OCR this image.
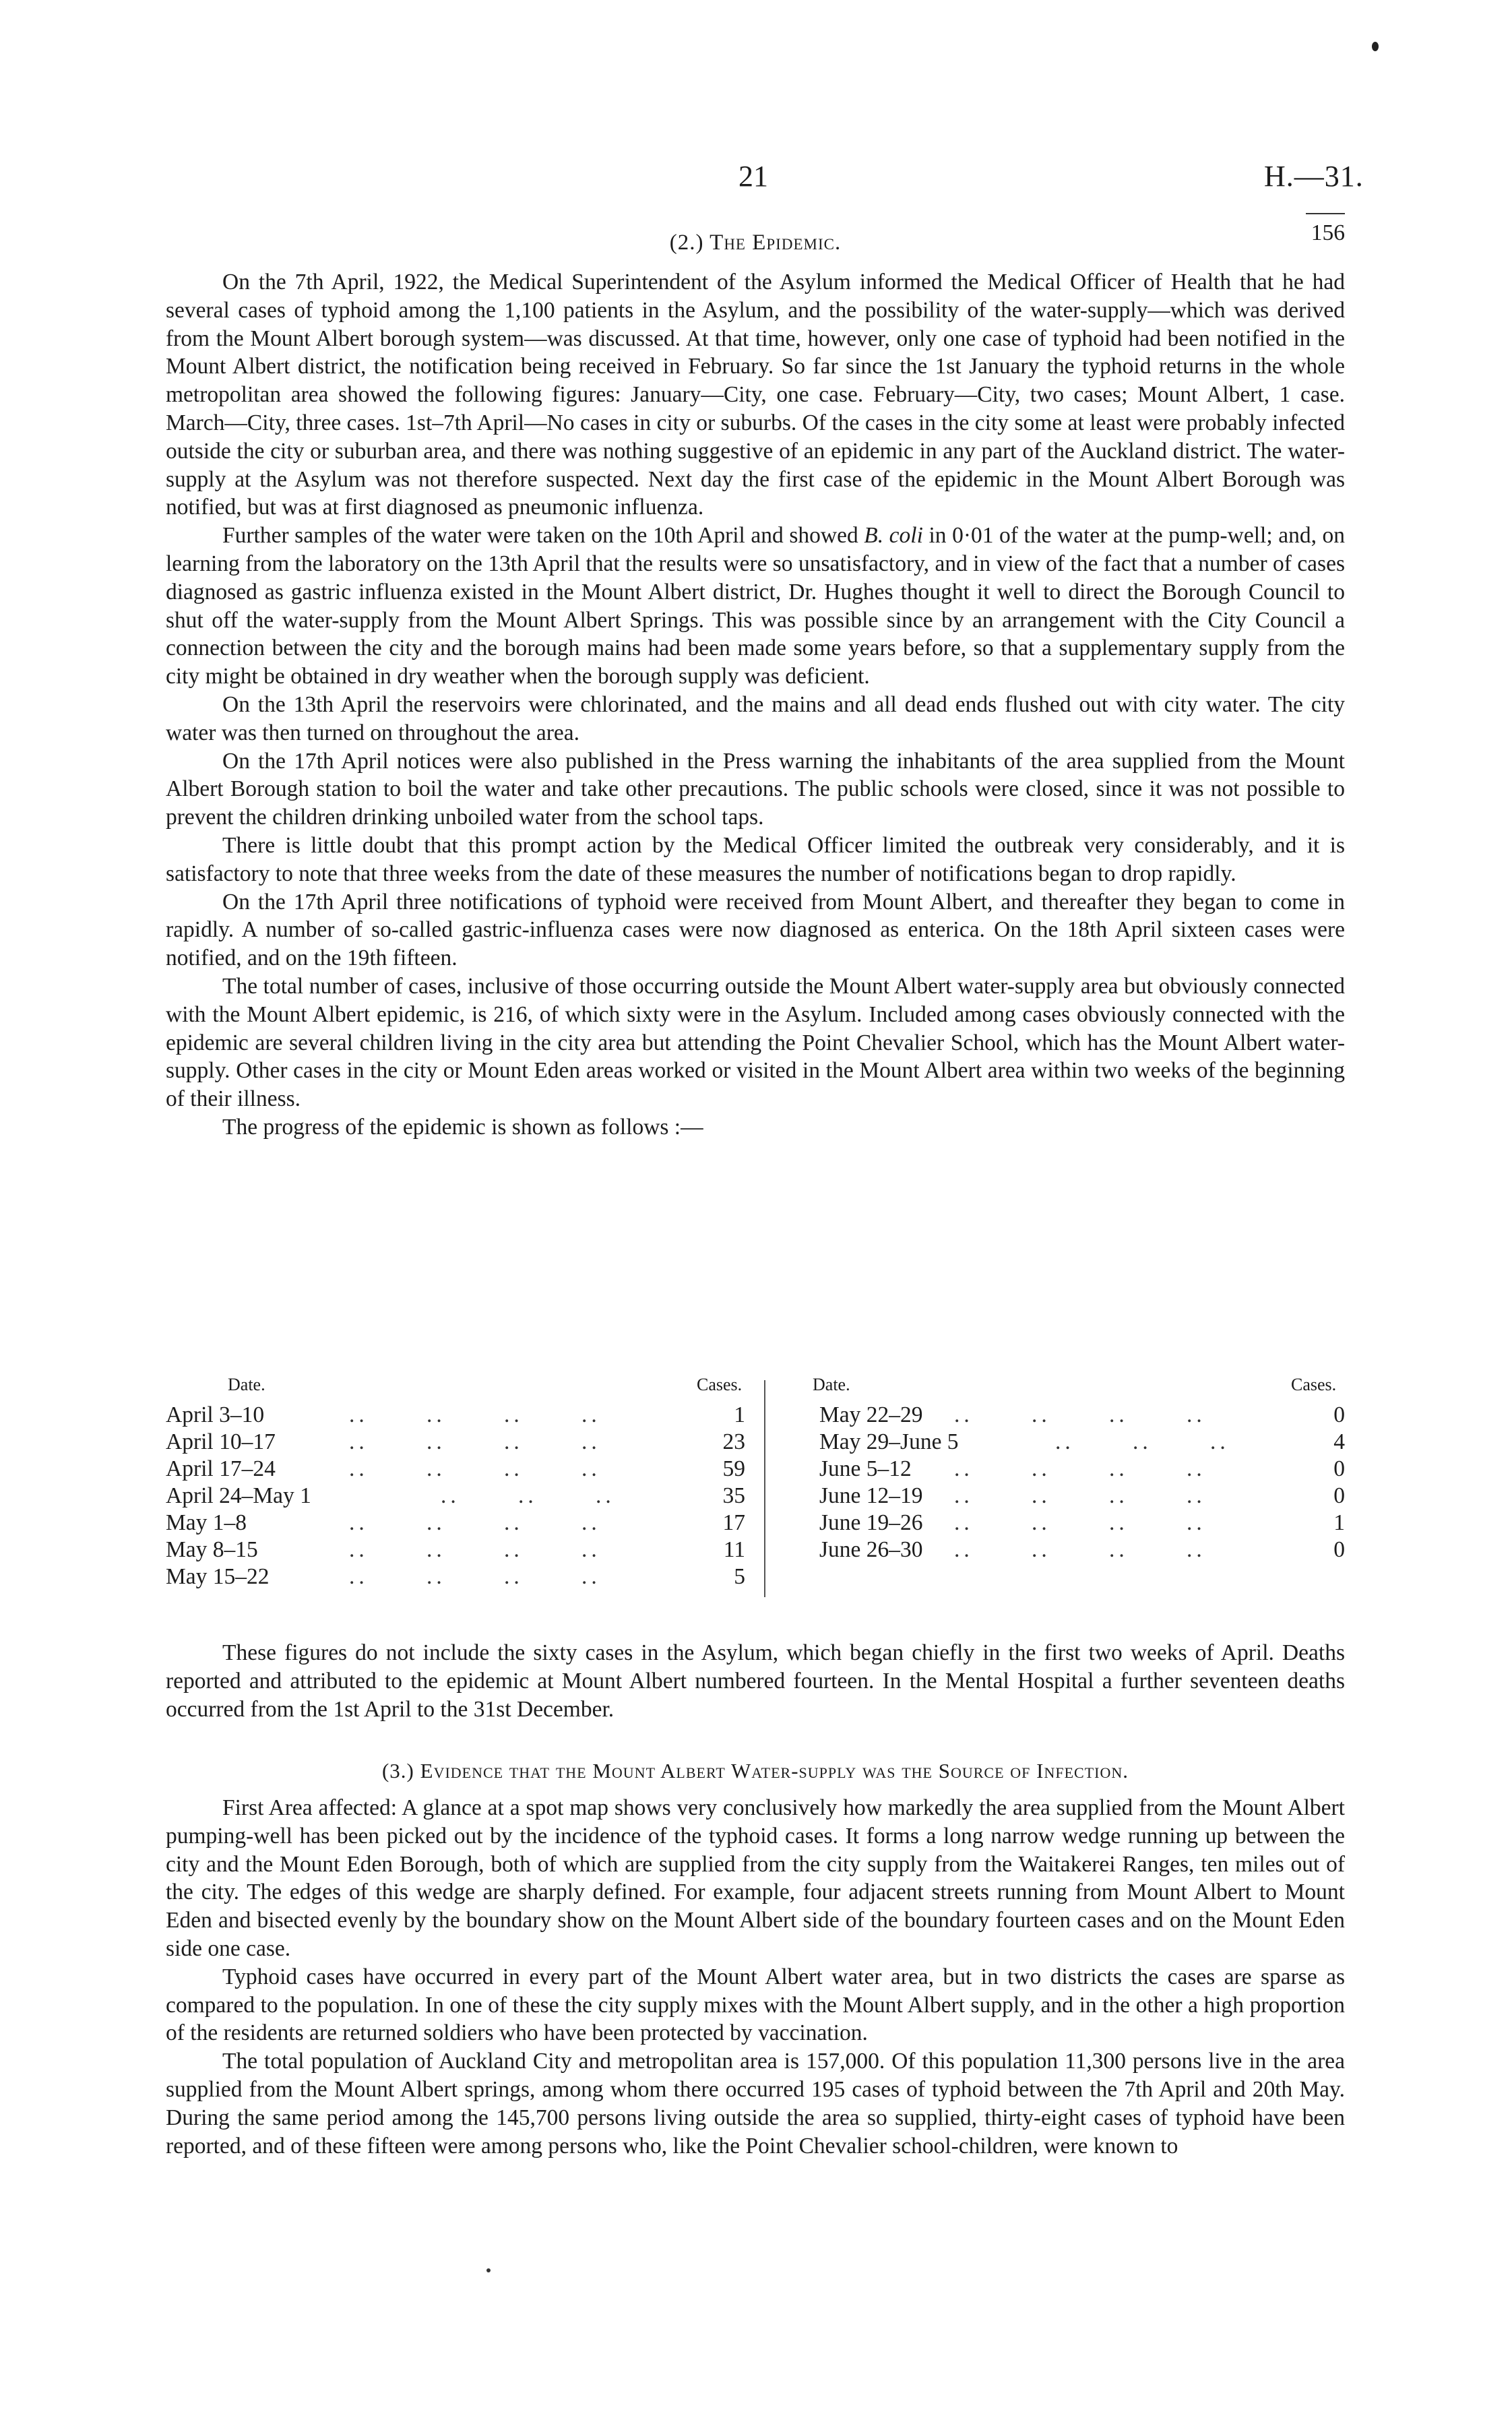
21	H.—31.
(2.) The Epidemic.

On the 7th April, 1922, the Medical Superintendent of the Asylum informed the Medical Officer of Health that he had several cases of typhoid among the 1,100 patients in the Asylum, and the possibility of the water-supply—which was derived from the Mount Albert borough system—was discussed. At that time, however, only one case of typhoid had been notified in the Mount Albert district, the notification being received in February. So far since the 1st January the typhoid returns in the whole metropolitan area showed the following figures: January—City, one case. February—City, two cases; Mount Albert, 1 case. March—City, three cases. 1st–7th April—No cases in city or suburbs. Of the cases in the city some at least were probably infected outside the city or suburban area, and there was nothing suggestive of an epidemic in any part of the Auckland district. The water-supply at the Asylum was not therefore suspected. Next day the first case of the epidemic in the Mount Albert Borough was notified, but was at first diagnosed as pneumonic influenza.

Further samples of the water were taken on the 10th April and showed B. coli in 0·01 of the water at the pump-well; and, on learning from the laboratory on the 13th April that the results were so unsatisfactory, and in view of the fact that a number of cases diagnosed as gastric influenza existed in the Mount Albert district, Dr. Hughes thought it well to direct the Borough Council to shut off the water-supply from the Mount Albert Springs. This was possible since by an arrangement with the City Council a connection between the city and the borough mains had been made some years before, so that a supplementary supply from the city might be obtained in dry weather when the borough supply was deficient.

On the 13th April the reservoirs were chlorinated, and the mains and all dead ends flushed out with city water. The city water was then turned on throughout the area.

On the 17th April notices were also published in the Press warning the inhabitants of the area supplied from the Mount Albert Borough station to boil the water and take other precautions. The public schools were closed, since it was not possible to prevent the children drinking unboiled water from the school taps.

There is little doubt that this prompt action by the Medical Officer limited the outbreak very considerably, and it is satisfactory to note that three weeks from the date of these measures the number of notifications began to drop rapidly.

On the 17th April three notifications of typhoid were received from Mount Albert, and thereafter they began to come in rapidly. A number of so-called gastric-influenza cases were now diagnosed as enterica. On the 18th April sixteen cases were notified, and on the 19th fifteen.

The total number of cases, inclusive of those occurring outside the Mount Albert water-supply area but obviously connected with the Mount Albert epidemic, is 216, of which sixty were in the Asylum. Included among cases obviously connected with the epidemic are several children living in the city area but attending the Point Chevalier School, which has the Mount Albert water-supply. Other cases in the city or Mount Eden areas worked or visited in the Mount Albert area within two weeks of the beginning of their illness.

The progress of the epidemic is shown as follows :—

Date.	Cases.
April 3–10	..      ..      ..      ..	1
April 10–17	..      ..      ..      ..	23
April 17–24	..      ..      ..      ..	59
April 24–May 1	..      ..      ..	35
May 1–8	..      ..      ..      ..	17
May 8–15	..      ..      ..      ..	11
May 15–22	..      ..      ..      ..	5
Date.	Cases.
May 22–29 ..      ..      ..      ..	0
May 29–June 5	..      ..      ..	4
June 5–12 ..      ..      ..      ..	0
June 12–19 ..      ..      ..      ..	0
June 19–26 ..      ..      ..      ..	1
June 26–30 ..      ..      ..      ..	0
156

These figures do not include the sixty cases in the Asylum, which began chiefly in the first two weeks of April. Deaths reported and attributed to the epidemic at Mount Albert numbered fourteen. In the Mental Hospital a further seventeen deaths occurred from the 1st April to the 31st December.

(3.) Evidence that the Mount Albert Water-supply was the Source of Infection.

First Area affected: A glance at a spot map shows very conclusively how markedly the area supplied from the Mount Albert pumping-well has been picked out by the incidence of the typhoid cases. It forms a long narrow wedge running up between the city and the Mount Eden Borough, both of which are supplied from the city supply from the Waitakerei Ranges, ten miles out of the city. The edges of this wedge are sharply defined. For example, four adjacent streets running from Mount Albert to Mount Eden and bisected evenly by the boundary show on the Mount Albert side of the boundary fourteen cases and on the Mount Eden side one case.

Typhoid cases have occurred in every part of the Mount Albert water area, but in two districts the cases are sparse as compared to the population. In one of these the city supply mixes with the Mount Albert supply, and in the other a high proportion of the residents are returned soldiers who have been protected by vaccination.

The total population of Auckland City and metropolitan area is 157,000. Of this population 11,300 persons live in the area supplied from the Mount Albert springs, among whom there occurred 195 cases of typhoid between the 7th April and 20th May. During the same period among the 145,700 persons living outside the area so supplied, thirty-eight cases of typhoid have been reported, and of these fifteen were among persons who, like the Point Chevalier school-children, were known to
